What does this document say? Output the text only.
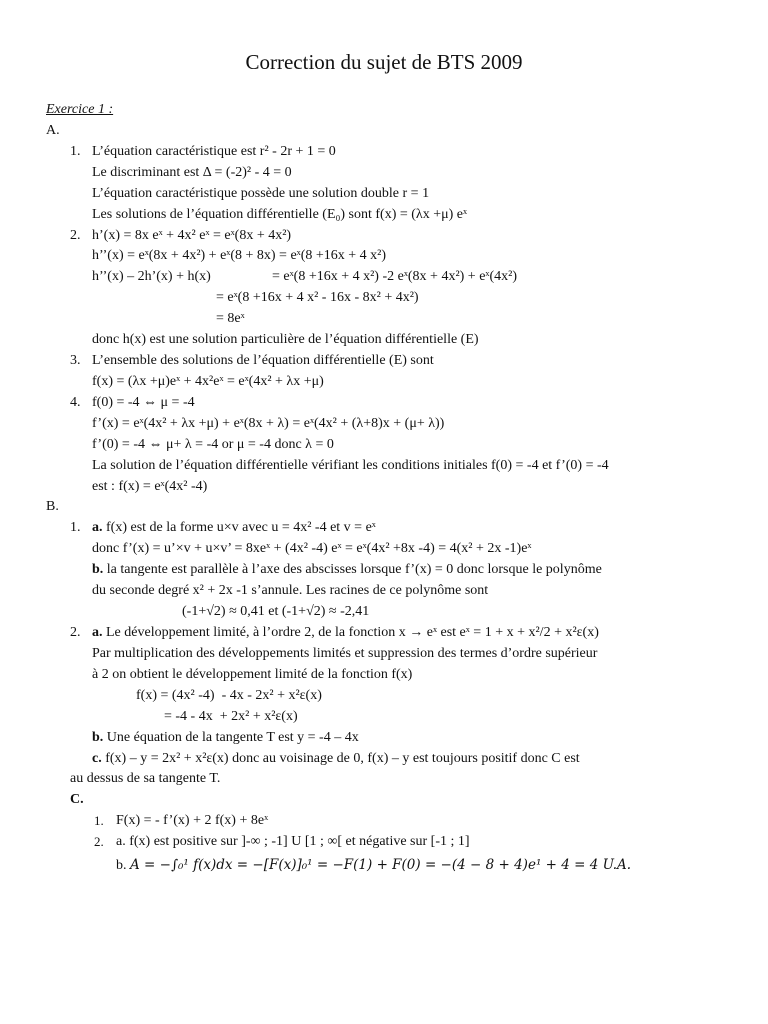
Correction du sujet de BTS 2009
Exercice 1 :
A.
1. L’équation caractéristique est r² - 2r + 1 = 0
Le discriminant est Δ = (-2)² - 4 = 0
L’équation caractéristique possède une solution double r = 1
Les solutions de l’équation différentielle (E₀) sont f(x) = (λx +μ) eˣ
2. h’(x) = 8x eˣ + 4x² eˣ = eˣ(8x + 4x²)
h’’(x) = eˣ(8x + 4x²) + eˣ(8 + 8x) = eˣ(8 +16x + 4 x²)
h’’(x) – 2h’(x) + h(x)	= eˣ(8 +16x + 4 x²) -2 eˣ(8x + 4x²) + eˣ(4x²)
= eˣ(8 +16x + 4 x² - 16x - 8x² + 4x²)
= 8eˣ
donc h(x) est une solution particulière de l’équation différentielle (E)
3. L’ensemble des solutions de l’équation différentielle (E) sont
f(x) = (λx +μ)eˣ + 4x²eˣ = eˣ(4x² + λx +μ)
4. f(0) = -4 ⇔ μ = -4
f’(x) = eˣ(4x² + λx +μ) + eˣ(8x + λ) = eˣ(4x² + (λ+8)x + (μ+ λ))
f’(0) = -4 ⇔ μ+ λ = -4 or μ = -4 donc λ = 0
La solution de l’équation différentielle vérifiant les conditions initiales f(0) = -4 et f’(0) = -4
est : f(x) = eˣ(4x² -4)
B.
1. a. f(x) est de la forme u×v avec u = 4x² -4 et v = eˣ
donc f’(x) = u’×v + u×v’ = 8xeˣ + (4x² -4) eˣ = eˣ(4x² +8x -4) = 4(x² + 2x -1)eˣ
b. la tangente est parallèle à l’axe des abscisses lorsque f’(x) = 0 donc lorsque le polynôme
du seconde degré x² + 2x -1 s’annule. Les racines de ce polynôme sont
(-1+√2) ≈ 0,41 et (-1+√2) ≈ -2,41
2. a. Le développement limité, à l’ordre 2, de la fonction x → eˣ est eˣ = 1 + x + x²/2 + x²ε(x)
Par multiplication des développements limités et suppression des termes d’ordre supérieur
à 2 on obtient le développement limité de la fonction f(x)
f(x) = (4x² -4)  - 4x - 2x² + x²ε(x)
= -4 - 4x  + 2x² + x²ε(x)
b. Une équation de la tangente T est y = -4 – 4x
c. f(x) – y = 2x² + x²ε(x) donc au voisinage de 0, f(x) – y est toujours positif donc C est
au dessus de sa tangente T.
C.
1. F(x) = - f’(x) + 2 f(x) + 8eˣ
2. a. f(x) est positive sur ]-∞ ; -1] U [1 ; ∞[ et négative sur [-1 ; 1]
b. A = −∫₀¹ f(x)dx = −[F(x)]₀¹ = −F(1) + F(0) = −(4 − 8 + 4)e¹ + 4 = 4 U.A.
